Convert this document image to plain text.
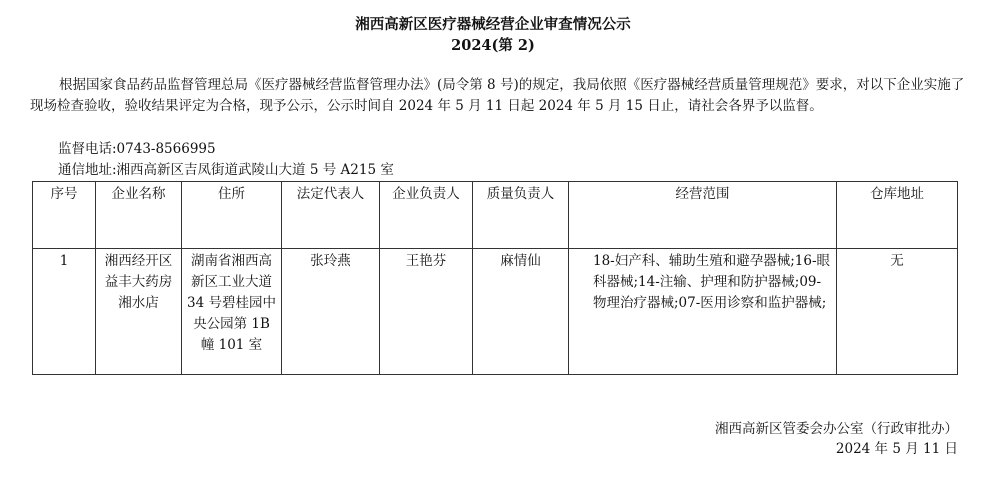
湘西高新区医疗器械经营企业审查情况公示
2024(第 2)
根据国家食品药品监督管理总局《医疗器械经营监督管理办法》(局令第 8 号)的规定，我局依照《医疗器械经营质量管理规范》要求，对以下企业实施了现场检查验收，验收结果评定为合格，现予公示，公示时间自 2024 年 5 月 11 日起 2024 年 5 月 15 日止，请社会各界予以监督。
监督电话:0743-8566995
通信地址:湘西高新区吉凤街道武陵山大道 5 号 A215 室
序号	企业名称	住所	法定代表人	企业负责人	质量负责人	经营范围	仓库地址
1	湘西经开区益丰大药房湘水店	湖南省湘西高新区工业大道 34 号碧桂园中央公园第 1B 幢 101 室	张玲燕	王艳芬	麻情仙	18-妇产科、辅助生殖和避孕器械;16-眼科器械;14-注输、护理和防护器械;09-物理治疗器械;07-医用诊察和监护器械;	无
湘西高新区管委会办公室（行政审批办）
2024 年 5 月 11 日
